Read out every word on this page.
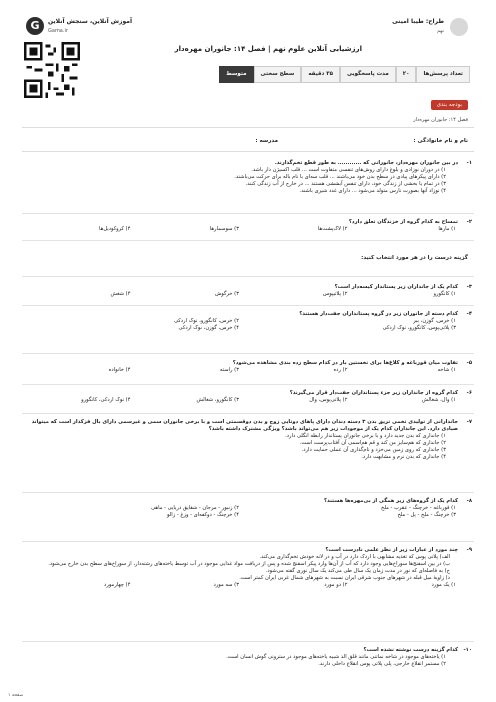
طراح: طیبا امینی
نهم
G	آموزش آنلاین، سنجش آنلاین
Gama.ir
ارزشیابی آنلاین علوم نهم | فصل ۱۴: جانوران مهره‌دار
تعداد پرسش‌ها
۲۰
مدت پاسخگویی
۳۵ دقیقه
سطح سختی
متوسط
بودجه بندی
فصل ۱۴: جانوران مهره‌دار
نام و نام خانوادگی :
مدرسه :
۱-
در بین جانوران مهره‌دار، جانورانی که ............ به طور قطع تخم‌گذارند.
۱) در دوران نوزادی و بلوغ دارای روش‌های تنفسی متفاوت است ... قلب اکسیژن دار باشد.
۲) دارای پیکرهای پیادی در سطح بدن خود می‌باشند ... قلب سه‌ای با نام باله برای حرکت می‌باشند.
۳) در تمام یا بخشی از زندگی خود، دارای تنفس آبششی هستند ... در خارج از آب زندگی کنند.
۴) نوزاد آنها بصورت نارس متولد می‌شود ... دارای غدد شیری باشند.
۲-
تمساح به کدام گروه از خزندگان تعلق دارد؟
۱) مارها
۲) لاک‌پشت‌ها
۳) سوسمارها
۴) کروکودیل‌ها
گزینه درست را در هر مورد انتخاب کنید:
۳-
کدام یک از جانداران زیر پستاندار کیسه‌دار است؟
۱) کانگورو
۲) پلاتیپوس
۳) خرگوش
۴) شغش
۴-
کدام دسته از جانوران زیر در گروه پستانداران جفت‌دار هستند؟
۱) خرس، گوزن، ببر
۲) خرس، کانگورو، نوک اردکی
۳) پلاتی‌پوس، کانگورو، نوک اردکی
۴) خرس، گوزن، نوک اردکی
۵-
تفاوت میان قورباغه و کلاغ‌ها برای نخستین بار در کدام سطح رده بندی مشاهده می‌شود؟
۱) شاخه
۲) رده
۳) راسته
۴) خانواده
۶-
کدام گروه از جانداران زیر جزء پستانداران جفت‌دار قرار می‌گیرند؟
۱) وال، شغالش
۲) پلاتی‌پوس، وال
۳) کانگورو، شغالش
۴) نوک اردکی، کانگورو
۷-
جاندارانی از تولیدی تخمی تریق بدن ۳ دسته دندان دارای پاهای دوتایی زوج و بدن دوقسمتی است و با برخی جانوران سمی و غیرسمی دارای بال فزکدار است که میتواند صیادی دارد. این جانداران کدام یک از موجودات زیر هم می‌تواند باشد؟ ویژگی مشترک داشته باشد؟
۱) جانداری که بدن جدید دارد و با برخی جانوران پستاندار رابطه انگلی دارد.
۲) جانداری که هم‌سایز من کند و قم هم‌اسمی آن آفتاب‌پرست است.
۳) جانداری که روی زمین می‌خزد و نام‌گذاری آن عملی حمایت دارد.
۴) جانداری که بدن نرم و مشابهت دارد.
۸-
کدام یک از گروه‌های زیر همگی از بی‌مهره‌ها هستند؟
۱) قورباغه - خرچنگ - عقرب - ملخ
۲) زنبور - مرجان - شقایق دریایی - ماهی
۳) خرچنگ - ملخ - پل - ملخ
۴) خرچنگ - دوکفه‌ای - وزغ - زالو
۹-
چند مورد از عبارات زیر از نظر علمی نادرست است؟
الف) پلاتی پوس که تغذیه مشابهی با اردک دارد در آب و در لانه خودش تخم‌گذاری می‌کند.
ب) در بین اسفنج‌ها سوراخ‌هایی وجود دارد که آب از آن‌ها وارد پیکر اسفنج شده و پس از دریافت مواد غذایی موجود در آب توسط یاخته‌های رشته‌دار، از سوراخ‌های سطح بدن خارج می‌شود.
ج) به فاصله‌ای که نور در مدت زمان یک سال طی می‌کند یک سال نوری گفته می‌شود.
د) زاویهٔ میل قبله در شهرهای جنوب شرقی ایران نسبت به شهرهای شمال غربی ایران کمتر است.
۱) یک مورد
۲) دو مورد
۳) سه مورد
۴) چهارمورد
۱۰-
کدام گزینه درست نوشته نشده است؟
۱) یاخته‌های موجود در شاخه نماتنی مانند قلق الذ شبیه یاخته‌های موجود در سترونی گوش انسان است.
۲) مستمر انقلاع خارجی، پلی پلاتی پوس انقلاع داخلی دارند.
صفحه ۱
